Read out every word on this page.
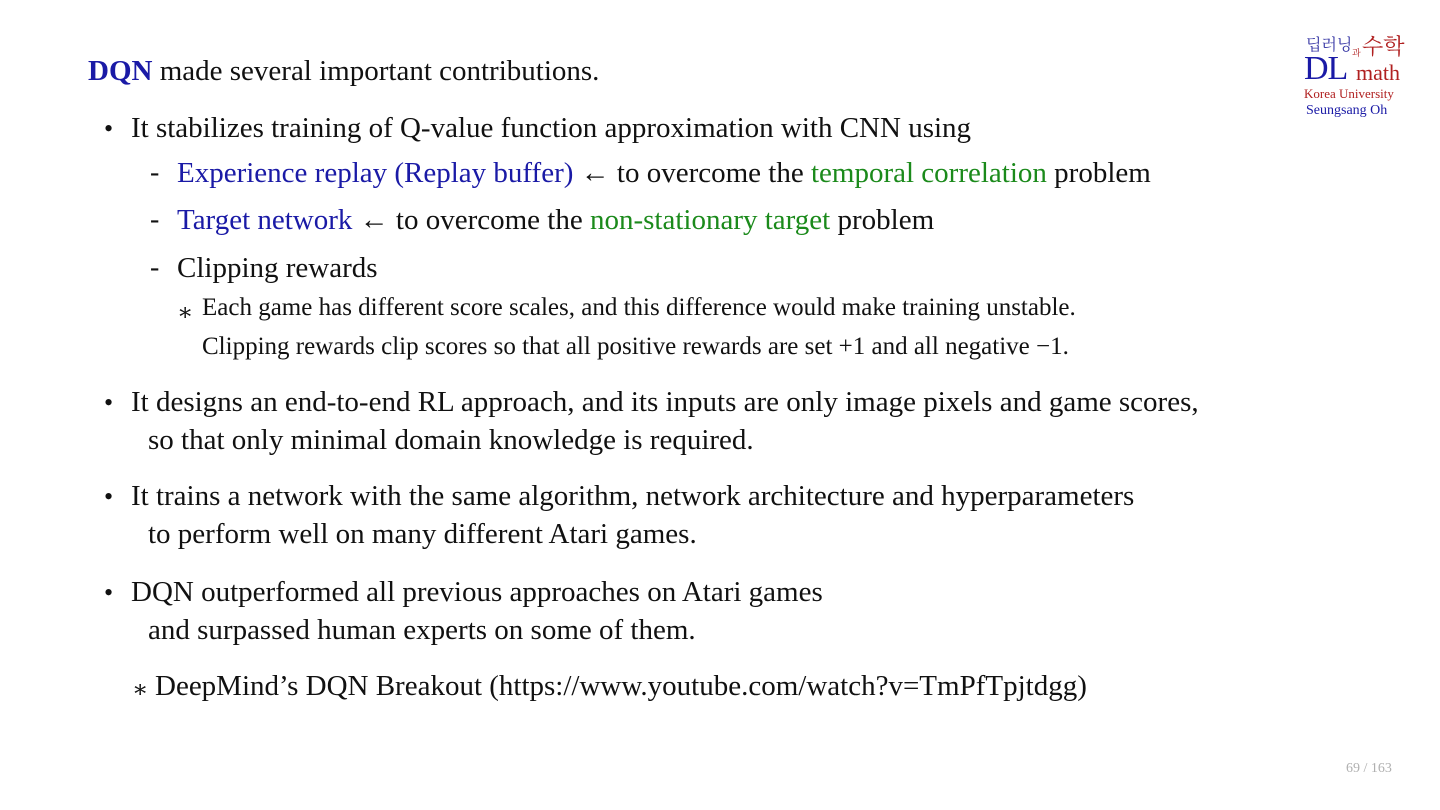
DQN made several important contributions.
• It stabilizes training of Q-value function approximation with CNN using
- Experience replay (Replay buffer) ← to overcome the temporal correlation problem
- Target network ← to overcome the non-stationary target problem
- Clipping rewards
∗ Each game has different score scales, and this difference would make training unstable.
Clipping rewards clip scores so that all positive rewards are set +1 and all negative −1.
• It designs an end-to-end RL approach, and its inputs are only image pixels and game scores,
so that only minimal domain knowledge is required.
• It trains a network with the same algorithm, network architecture and hyperparameters
to perform well on many different Atari games.
• DQN outperformed all previous approaches on Atari games
and surpassed human experts on some of them.
∗ DeepMind’s DQN Breakout (https://www.youtube.com/watch?v=TmPfTpjtdgg)
딥러닝 과 수학
DL math
Korea University
Seungsang Oh
69 / 163
